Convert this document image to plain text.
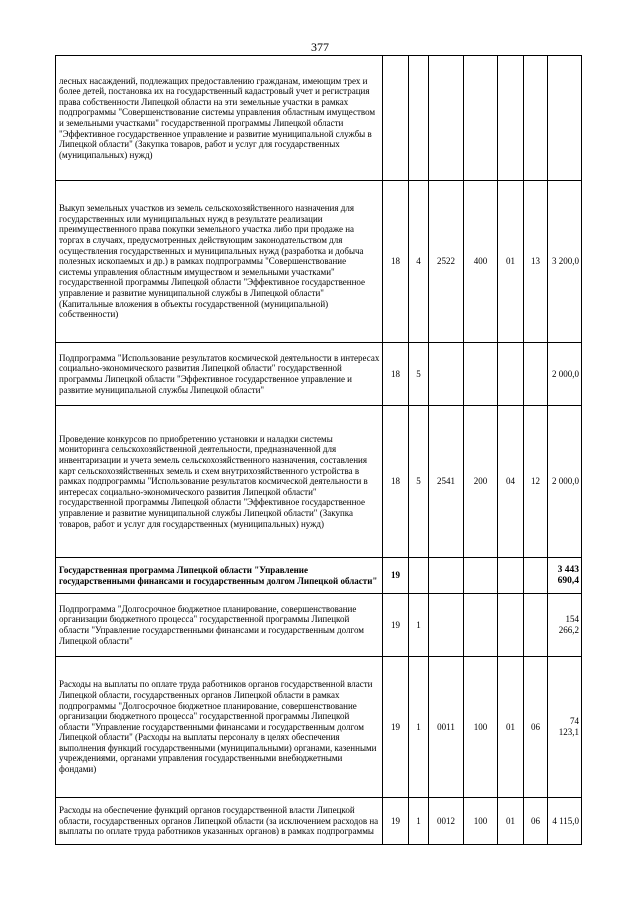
377
лесных насаждений, подлежащих предоставлению гражданам, имеющим трех и более детей, постановка их на государственный кадастровый учет и регистрация права собственности Липецкой области на эти земельные участки в рамках подпрограммы "Совершенствование системы управления областным имуществом и земельными участками" государственной программы Липецкой области "Эффективное государственное управление и развитие муниципальной службы в Липецкой области" (Закупка товаров, работ и услуг для государственных (муниципальных) нужд)							
Выкуп земельных участков из земель сельскохозяйственного назначения для государственных или муниципальных нужд в результате реализации преимущественного права покупки земельного участка либо при продаже на торгах в случаях, предусмотренных действующим законодательством для осуществления государственных и муниципальных нужд (разработка и добыча полезных ископаемых и др.) в рамках подпрограммы "Совершенствование системы управления областным имуществом и земельными участками" государственной программы Липецкой области "Эффективное государственное управление и развитие муниципальной службы в Липецкой области" (Капитальные вложения в объекты государственной (муниципальной) собственности)	18	4	2522	400	01	13	3 200,0
Подпрограмма "Использование результатов космической деятельности в интересах социально-экономического развития Липецкой области" государственной программы Липецкой области "Эффективное государственное управление и развитие муниципальной службы Липецкой области"	18	5					2 000,0
Проведение конкурсов по приобретению установки и наладки системы мониторинга сельскохозяйственной деятельности, предназначенной для инвентаризации и учета земель сельскохозяйственного назначения, составления карт сельскохозяйственных земель и схем внутрихозяйственного устройства в рамках подпрограммы "Использование результатов космической деятельности в интересах социально-экономического развития Липецкой области" государственной программы Липецкой области "Эффективное государственное управление и развитие муниципальной службы Липецкой области" (Закупка товаров, работ и услуг для государственных (муниципальных) нужд)	18	5	2541	200	04	12	2 000,0
Государственная программа Липецкой области "Управление государственными финансами и государственным долгом Липецкой области"	19						3 443 690,4
Подпрограмма "Долгосрочное бюджетное планирование, совершенствование организации бюджетного процесса" государственной программы Липецкой области "Управление государственными финансами и государственным долгом Липецкой области"	19	1					154 266,2
Расходы на выплаты по оплате труда работников органов государственной власти Липецкой области, государственных органов Липецкой области в рамках подпрограммы "Долгосрочное бюджетное планирование, совершенствование организации бюджетного процесса" государственной программы Липецкой области "Управление государственными финансами и государственным долгом Липецкой области" (Расходы на выплаты персоналу в целях обеспечения выполнения функций государственными (муниципальными) органами, казенными учреждениями, органами управления государственными внебюджетными фондами)	19	1	0011	100	01	06	74 123,1
Расходы на обеспечение функций органов государственной власти Липецкой области, государственных органов Липецкой области (за исключением расходов на выплаты по оплате труда работников указанных органов) в рамках подпрограммы	19	1	0012	100	01	06	4 115,0
